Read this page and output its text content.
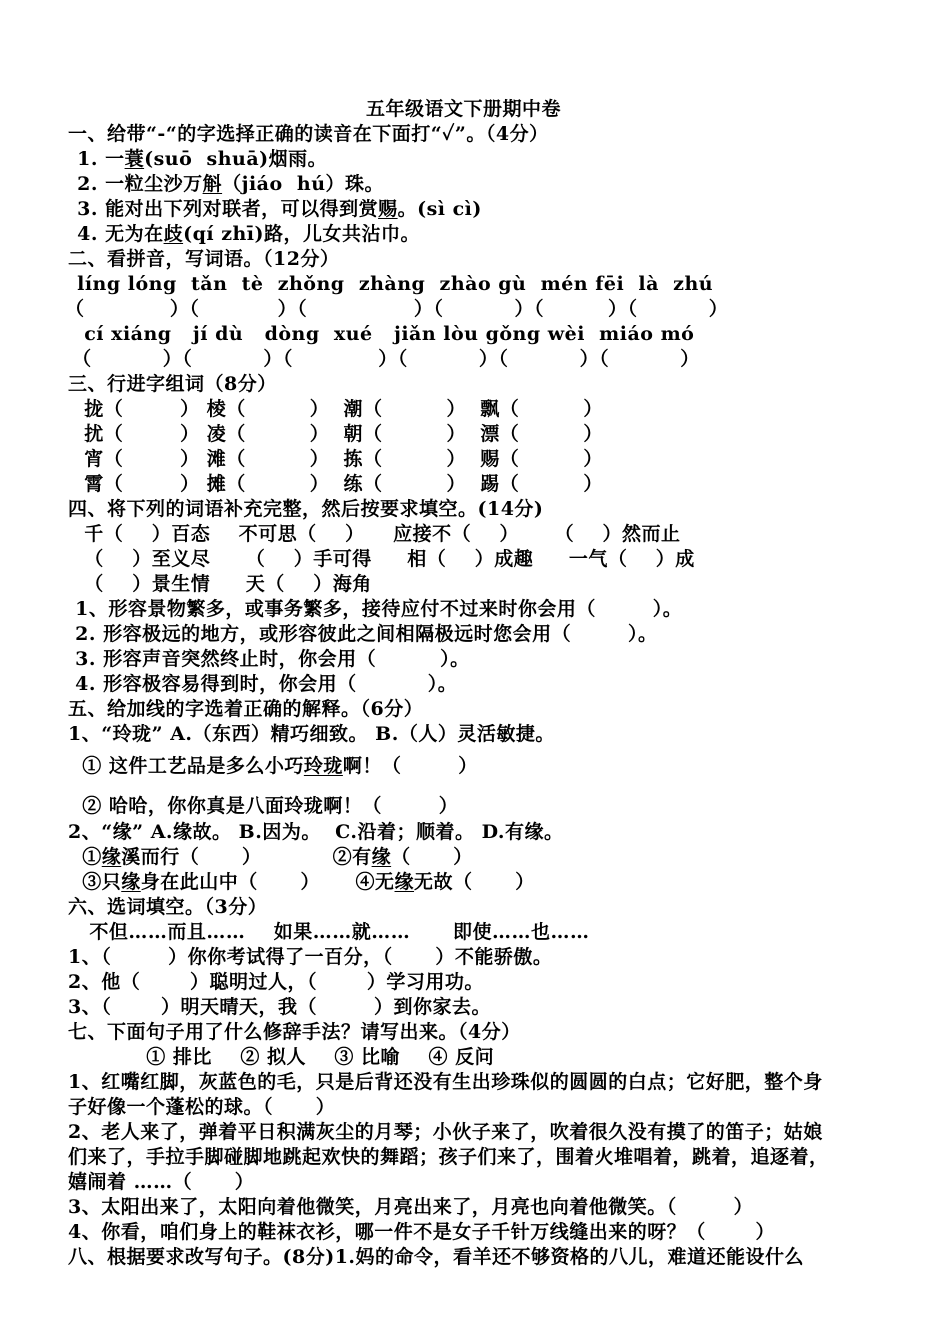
五年级语文下册期中卷
一、给带“-“的字选择正确的读音在下面打“✓”。（4分）
1. 一蓑(suō  shuā)烟雨。
2. 一粒尘沙万斛（jiáo  hú）珠。
3. 能对出下列对联者，可以得到赏赐。(sì cì)
4. 无为在歧(qí zhī)路，儿女共沾巾。
二、看拼音，写词语。（12分）
líng lóng  tǎn  tè  zhǒng  zhàng  zhào gù  mén fēi  là  zhú
（            ）（           ）（               ）（          ）（         ）（          ）
cí xiáng   jí dù   dòng  xué   jiǎn lòu gǒng wèi  miáo mó
（          ）（          ）（            ）（          ）（          ）（          ）
三、行进字组词（8分）
拢（        ） 棱（         ）  潮（         ）  飘（         ）
扰（        ） 凌（         ）  朝（         ）  漂（         ）
宵（        ） 滩（         ）  拣（         ）  赐（         ）
霄（        ） 摊（         ）  练（         ）  踢（         ）
四、将下列的词语补充完整，然后按要求填空。(14分)
千（    ）百态    不可思（    ）    应接不（    ）     （    ）然而止
（    ）至义尽     （    ）手可得     相（    ）成趣     一气（    ）成
（    ）景生情     天（    ）海角
1、形容景物繁多，或事务繁多，接待应付不过来时你会用（        ）。
2. 形容极远的地方，或形容彼此之间相隔极远时您会用（        ）。
3. 形容声音突然终止时，你会用（         ）。
4. 形容极容易得到时，你会用（          ）。
五、给加线的字选着正确的解释。（6分）
1、“玲珑” A.（东西）精巧细致。 B.（人）灵活敏捷。
① 这件工艺品是多么小巧玲珑啊！（        ）
② 哈哈，你你真是八面玲珑啊！（        ）
2、“缘” A.缘故。 B.因为。  C.沿着；顺着。 D.有缘。
①缘溪而行（      ）          ②有缘（      ）
③只缘身在此山中（      ）     ④无缘无故（      ）
六、选词填空。（3分）
不但……而且……    如果……就……      即使……也……
1、（        ）你你考试得了一百分，（      ）不能骄傲。
2、他（       ）聪明过人，（       ）学习用功。
3、（       ）明天晴天，我（        ）到你家去。
七、下面句子用了什么修辞手法？请写出来。（4分）
① 排比    ② 拟人    ③ 比喻    ④ 反问
1、红嘴红脚，灰蓝色的毛，只是后背还没有生出珍珠似的圆圆的白点；它好肥，整个身
子好像一个蓬松的球。（      ）
2、老人来了，弹着平日积满灰尘的月琴；小伙子来了，吹着很久没有摸了的笛子；姑娘
们来了，手拉手脚碰脚地跳起欢快的舞蹈；孩子们来了，围着火堆唱着，跳着，追逐着，
嬉闹着 ……（      ）
3、太阳出来了，太阳向着他微笑，月亮出来了，月亮也向着他微笑。（        ）
4、你看，咱们身上的鞋袜衣衫，哪一件不是女子千针万线缝出来的呀？（       ）
八、根据要求改写句子。(8分)1.妈的命令，看羊还不够资格的八儿，难道还能设什么
